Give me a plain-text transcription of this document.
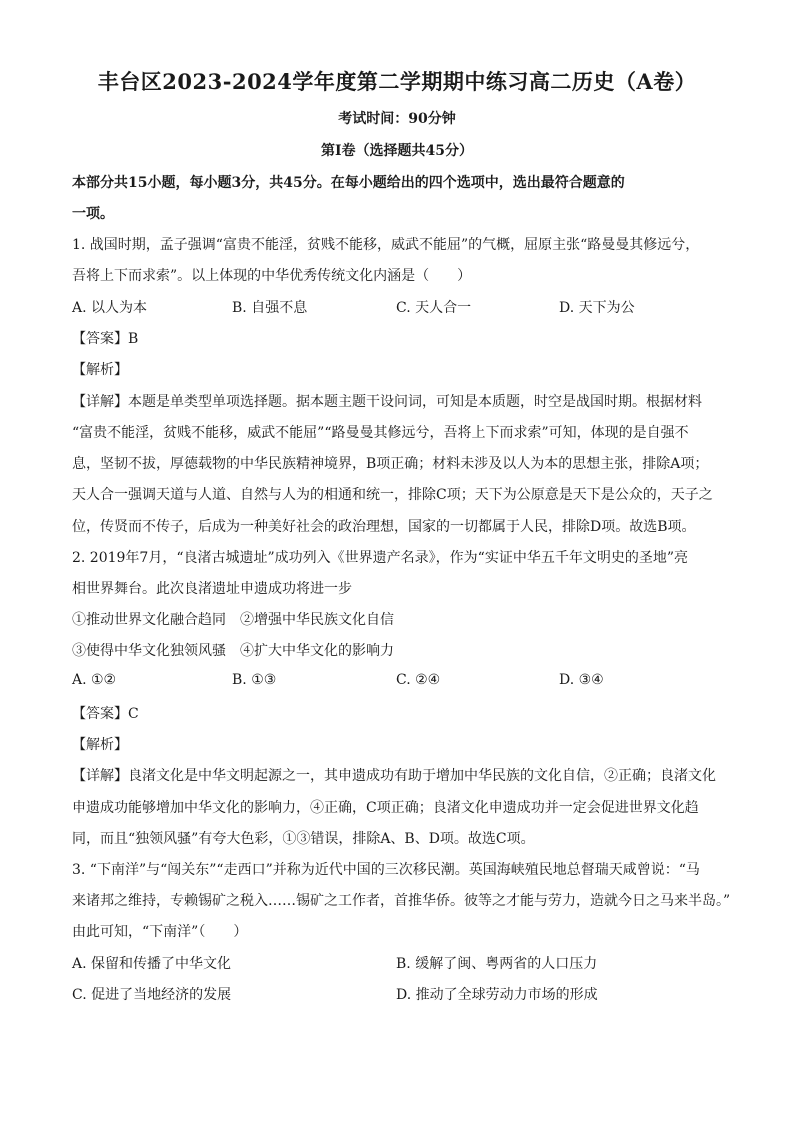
丰台区2023-2024学年度第二学期期中练习高二历史（A卷）
考试时间：90分钟
第Ⅰ卷（选择题共45分）
本部分共15小题，每小题3分，共45分。在每小题给出的四个选项中，选出最符合题意的
一项。
1. 战国时期，孟子强调“富贵不能淫，贫贱不能移，威武不能屈”的气概，屈原主张“路曼曼其修远兮，
吾将上下而求索”。以上体现的中华优秀传统文化内涵是（　　）
A. 以人为本	B. 自强不息	C. 天人合一	D. 天下为公
【答案】B
【解析】
【详解】本题是单类型单项选择题。据本题主题干设问词，可知是本质题，时空是战国时期。根据材料
“富贵不能淫，贫贱不能移，威武不能屈”“路曼曼其修远兮，吾将上下而求索”可知，体现的是自强不
息，坚韧不拔，厚德载物的中华民族精神境界，B项正确；材料未涉及以人为本的思想主张，排除A项；
天人合一强调天道与人道、自然与人为的相通和统一，排除C项；天下为公原意是天下是公众的，天子之
位，传贤而不传子，后成为一种美好社会的政治理想，国家的一切都属于人民，排除D项。故选B项。
2. 2019年7月，“良渚古城遗址”成功列入《世界遗产名录》，作为“实证中华五千年文明史的圣地”亮
相世界舞台。此次良渚遗址申遗成功将进一步
①推动世界文化融合趋同　②增强中华民族文化自信
③使得中华文化独领风骚　④扩大中华文化的影响力
A. ①②	B. ①③	C. ②④	D. ③④
【答案】C
【解析】
【详解】良渚文化是中华文明起源之一，其申遗成功有助于增加中华民族的文化自信，②正确；良渚文化
申遗成功能够增加中华文化的影响力，④正确，C项正确；良渚文化申遗成功并一定会促进世界文化趋
同，而且“独领风骚”有夸大色彩，①③错误，排除A、B、D项。故选C项。
3. “下南洋”与“闯关东”“走西口”并称为近代中国的三次移民潮。英国海峡殖民地总督瑞天咸曾说：“马
来诸邦之维持，专赖锡矿之税入……锡矿之工作者，首推华侨。彼等之才能与劳力，造就今日之马来半岛。”
由此可知，“下南洋”（　　）
A. 保留和传播了中华文化	B. 缓解了闽、粤两省的人口压力
C. 促进了当地经济的发展	D. 推动了全球劳动力市场的形成
